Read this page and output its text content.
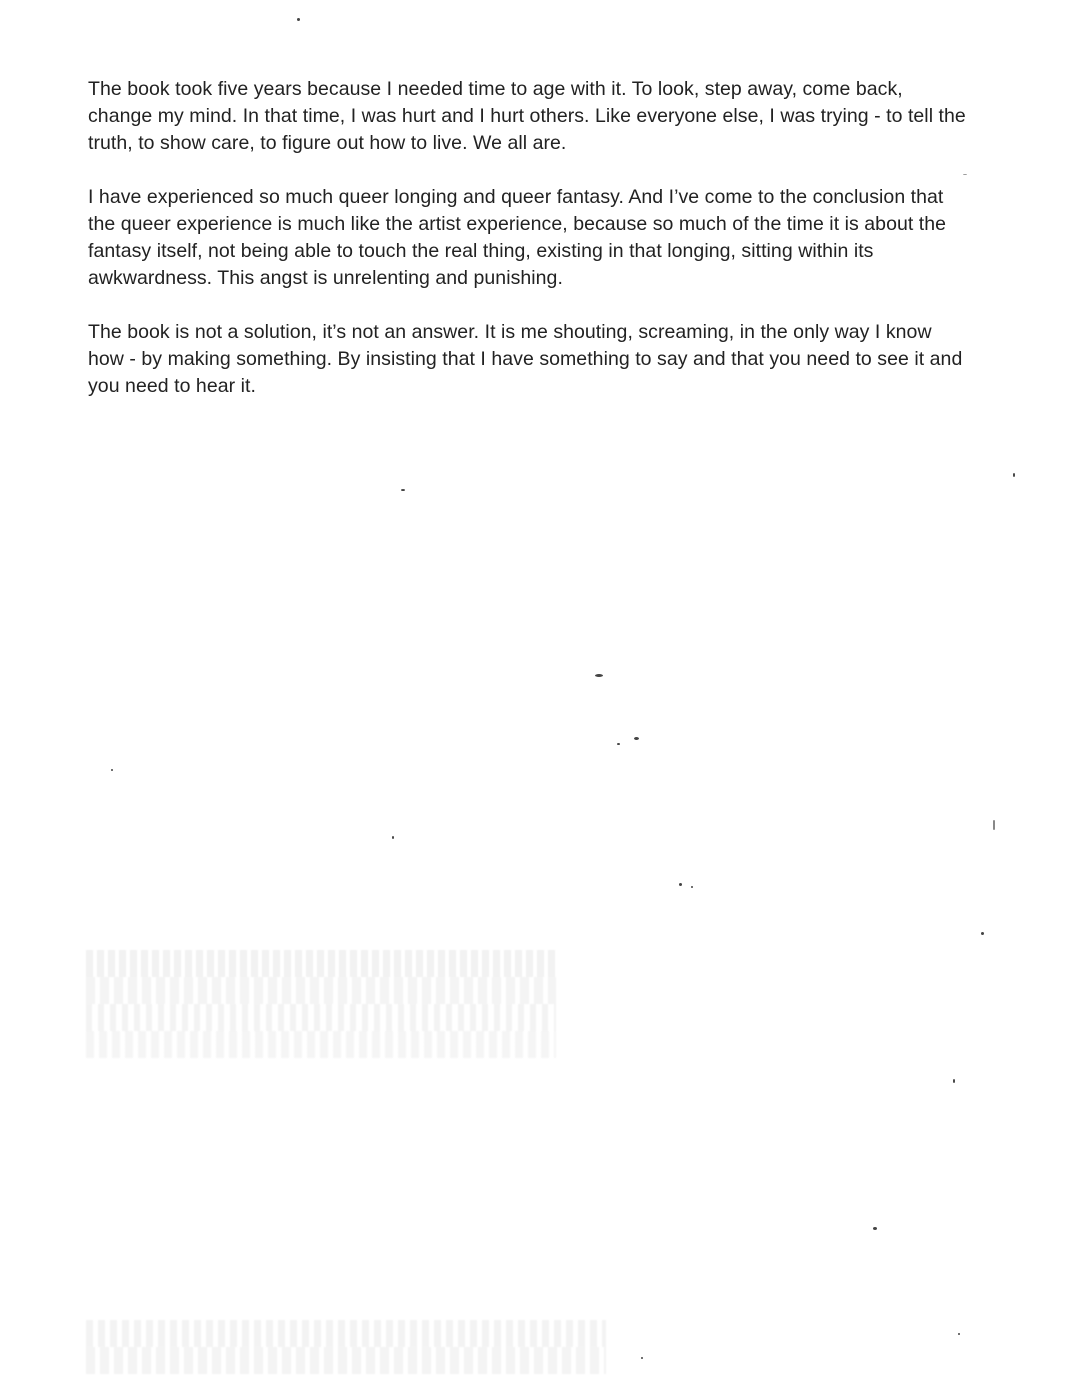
The book took five years because I needed time to age with it. To look, step away, come back, change my mind. In that time, I was hurt and I hurt others. Like everyone else, I was trying - to tell the truth, to show care, to figure out how to live. We all are.

I have experienced so much queer longing and queer fantasy. And I’ve come to the conclusion that the queer experience is much like the artist experience, because so much of the time it is about the fantasy itself, not being able to touch the real thing, existing in that longing, sitting within its awkwardness. This angst is unrelenting and punishing.

The book is not a solution, it’s not an answer. It is me shouting, screaming, in the only way I know how - by making something. By insisting that I have something to say and that you need to see it and you need to hear it.
